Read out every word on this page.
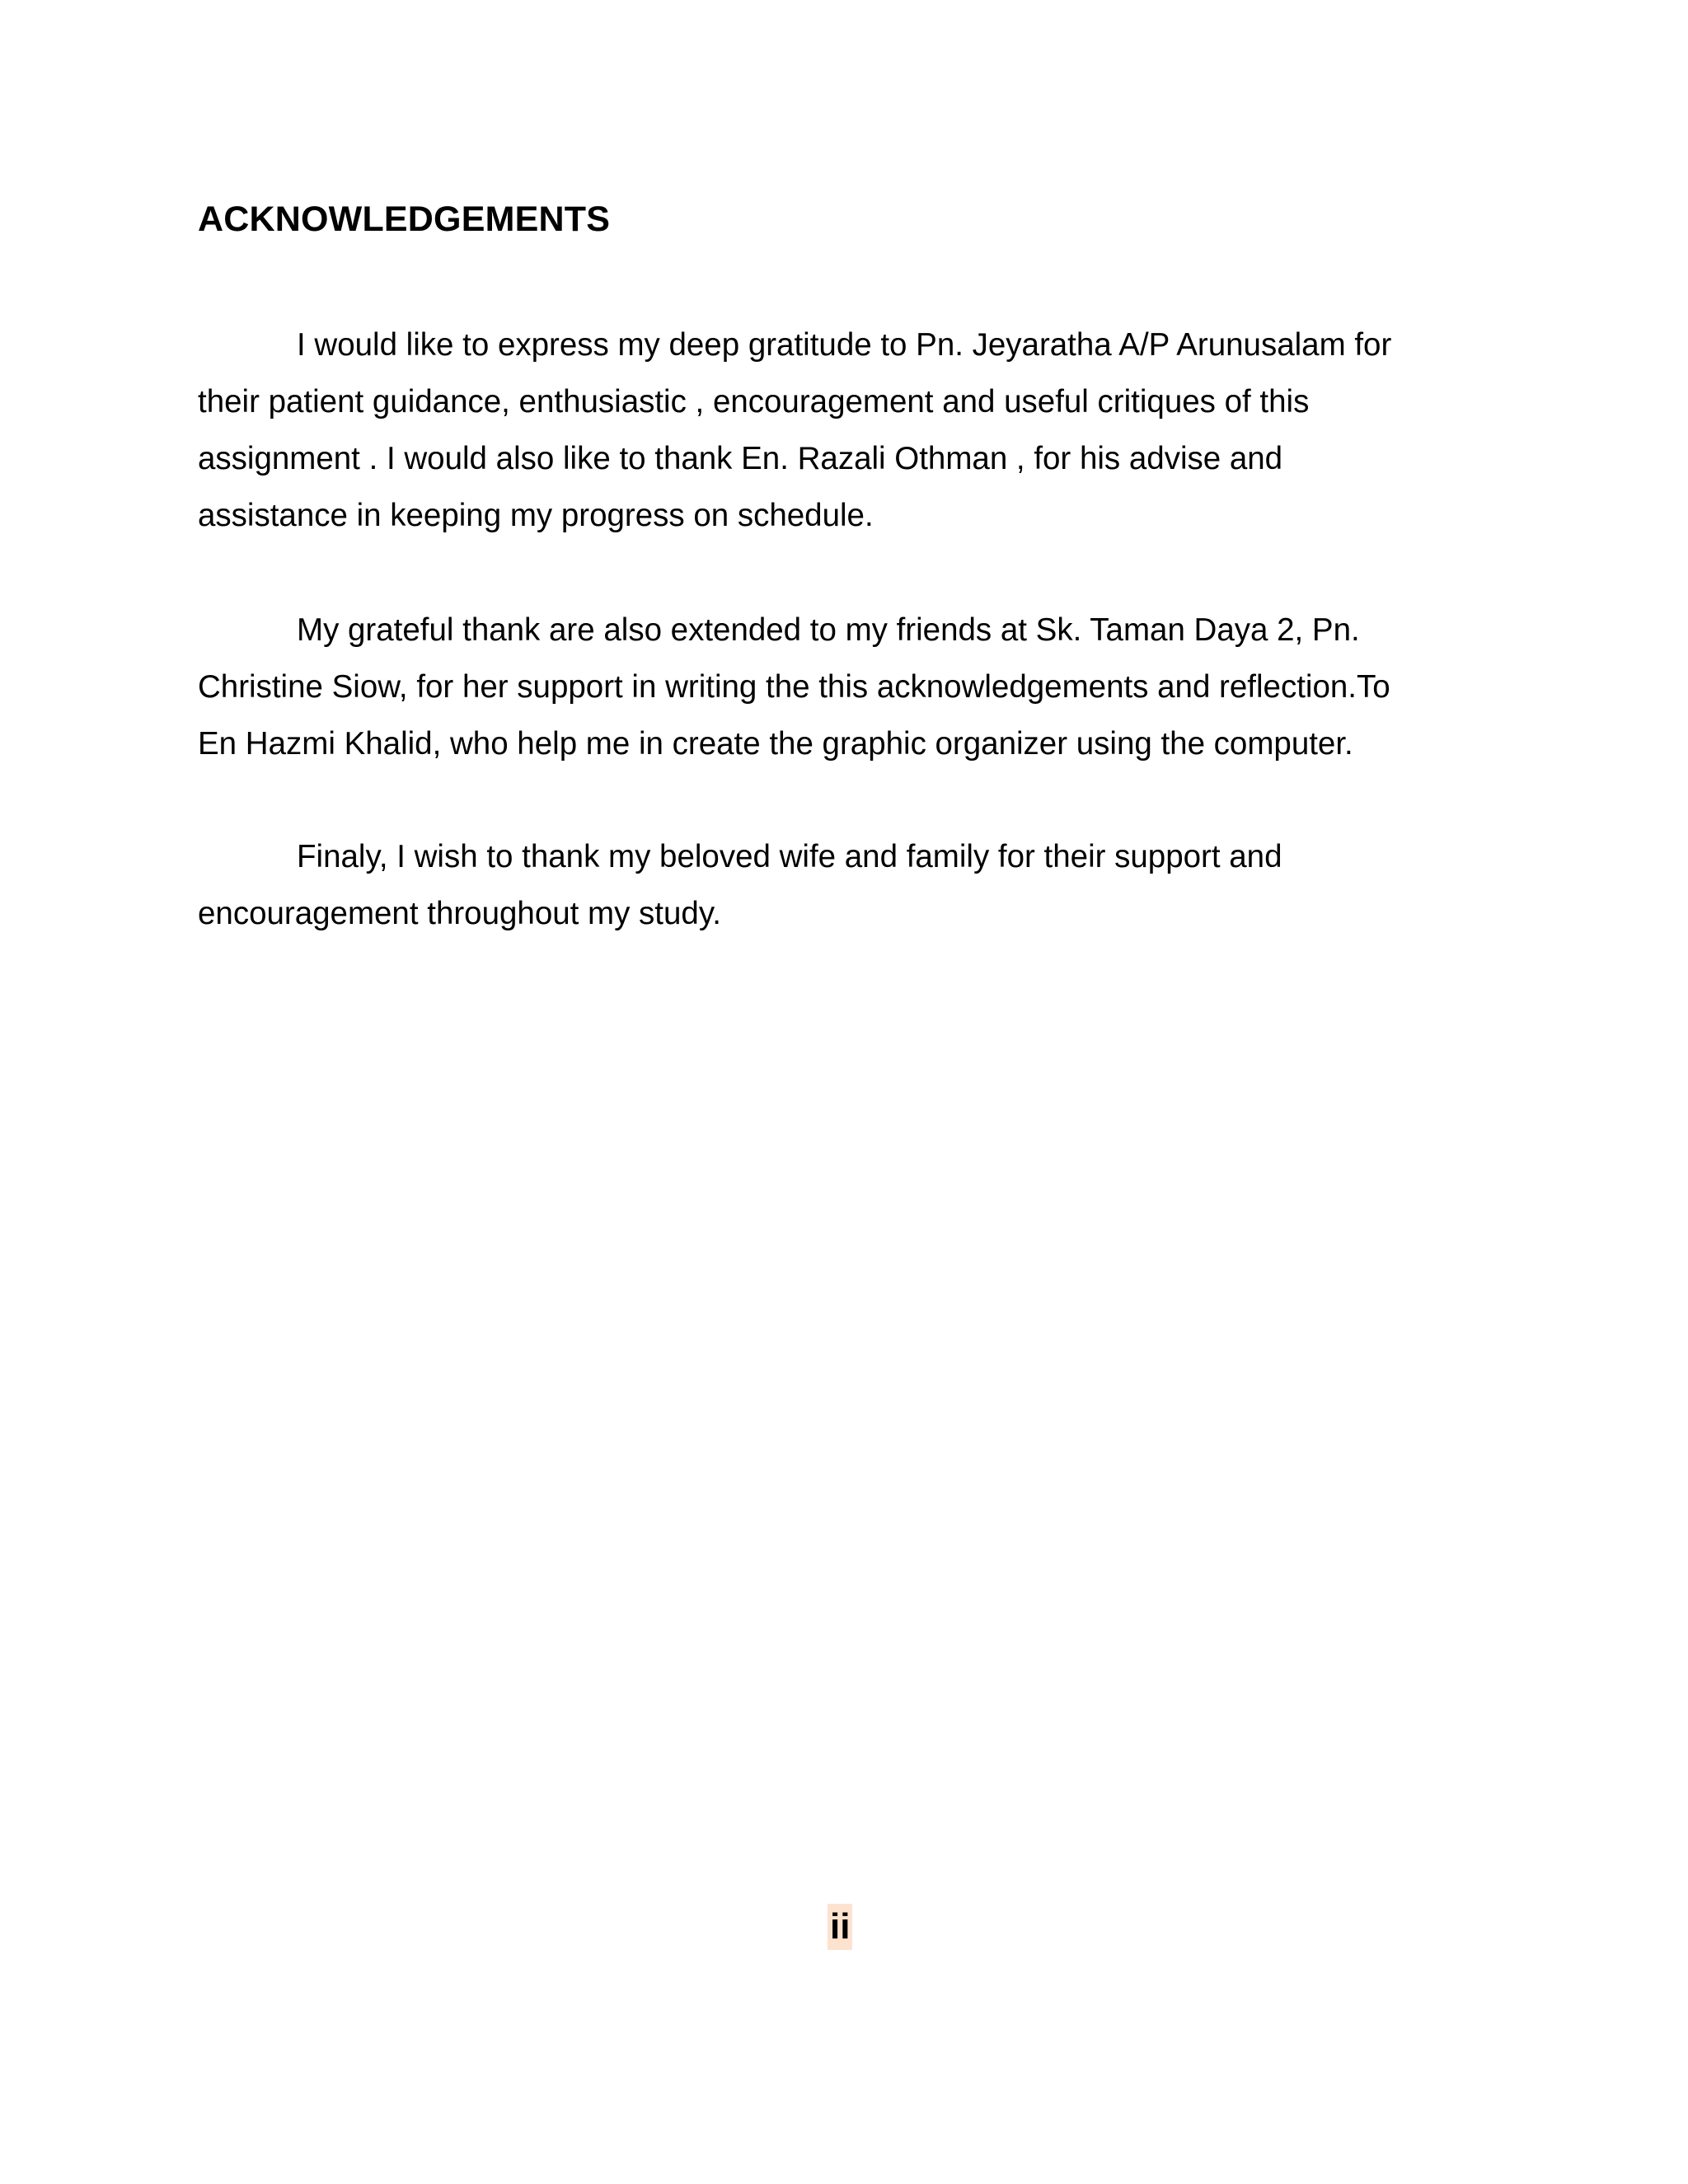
ACKNOWLEDGEMENTS

I would like to express my deep gratitude to Pn. Jeyaratha A/P Arunusalam for
their patient guidance, enthusiastic , encouragement and useful critiques of this
assignment . I would also like to thank En. Razali Othman , for his advise and
assistance in keeping my progress on schedule.

My grateful thank are also extended to my friends at Sk. Taman Daya 2, Pn.
Christine Siow, for her support in writing the this acknowledgements and reflection.To
En Hazmi Khalid, who help me in create the graphic organizer using the computer.

Finaly, I wish to thank my beloved wife and family for their support and
encouragement throughout my study.

ii
